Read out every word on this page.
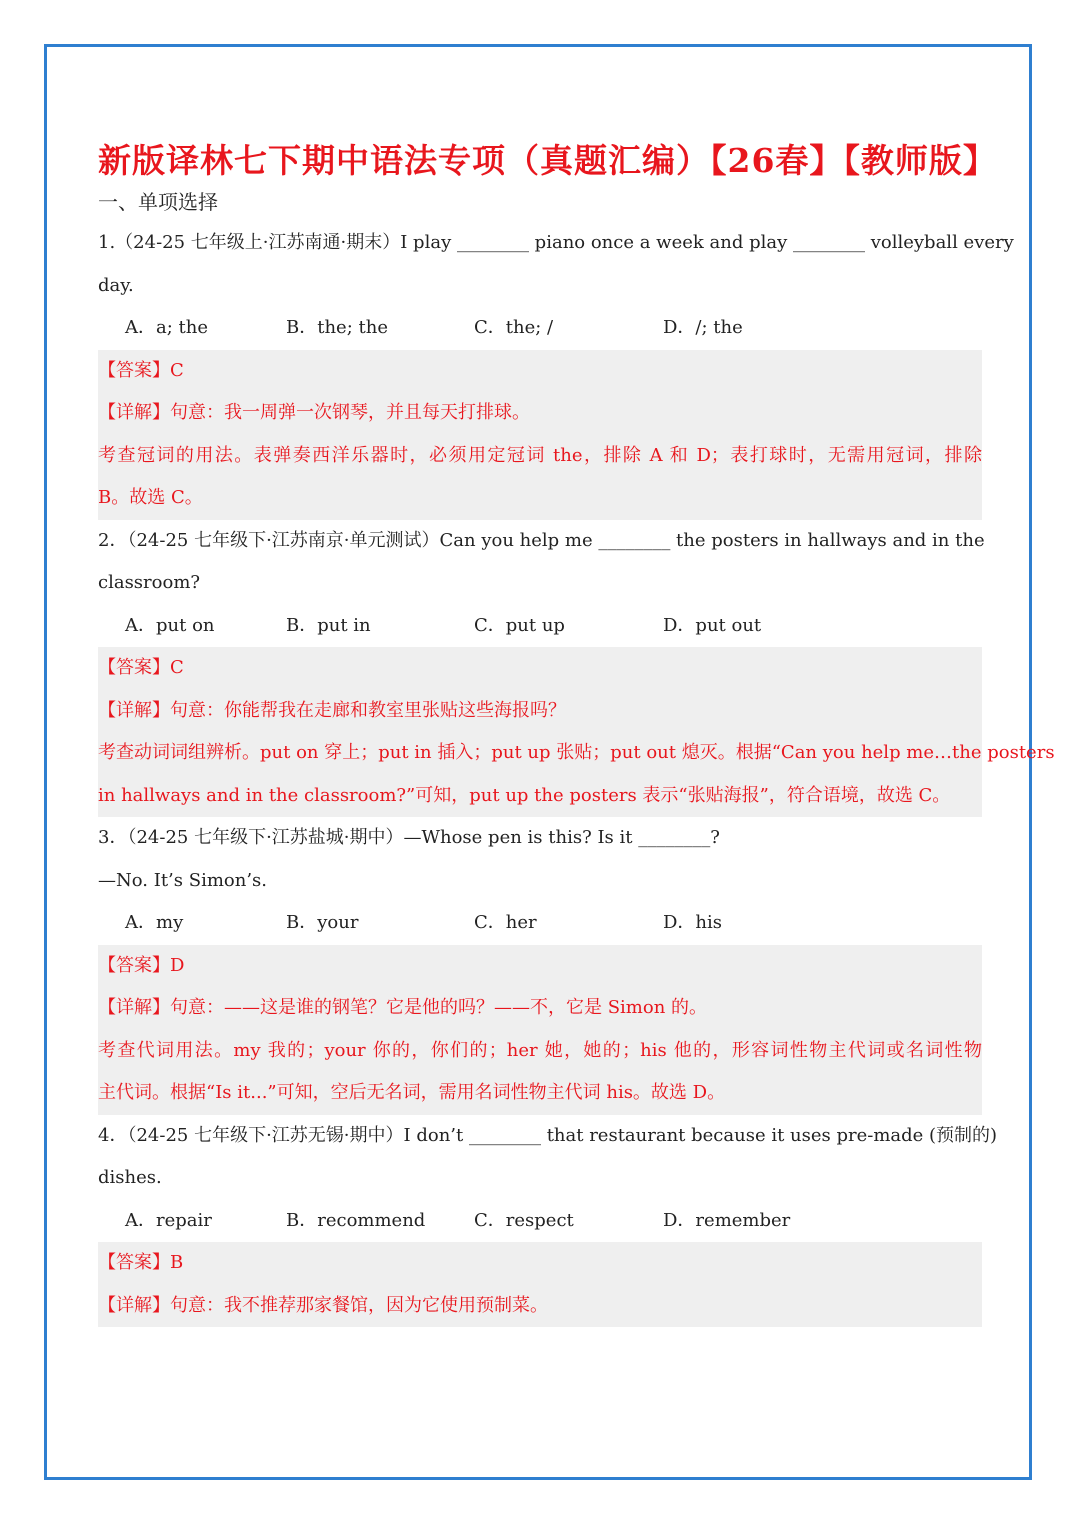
新版译林七下期中语法专项（真题汇编）【26春】【教师版】
一、单项选择
1.（24-25 七年级上·江苏南通·期末）I play ________ piano once a week and play ________ volleyball every
day.
A．a; the	B．the; the	C．the; /	D．/; the
【答案】C
【详解】句意：我一周弹一次钢琴，并且每天打排球。
考查冠词的用法。表弹奏西洋乐器时，必须用定冠词 the，排除 A 和 D；表打球时，无需用冠词，排除
B。故选 C。
2．（24-25 七年级下·江苏南京·单元测试）Can you help me ________ the posters in hallways and in the
classroom?
A．put on	B．put in	C．put up	D．put out
【答案】C
【详解】句意：你能帮我在走廊和教室里张贴这些海报吗？
考查动词词组辨析。put on 穿上；put in 插入；put up 张贴；put out 熄灭。根据“Can you help me…the posters
in hallways and in the classroom?”可知，put up the posters 表示“张贴海报”，符合语境，故选 C。
3．（24-25 七年级下·江苏盐城·期中）—Whose pen is this? Is it ________?
—No. It’s Simon’s.
A．my	B．your	C．her	D．his
【答案】D
【详解】句意：——这是谁的钢笔？它是他的吗？——不，它是 Simon 的。
考查代词用法。my 我的；your 你的，你们的；her 她，她的；his 他的，形容词性物主代词或名词性物
主代词。根据“Is it...”可知，空后无名词，需用名词性物主代词 his。故选 D。
4．（24-25 七年级下·江苏无锡·期中）I don’t ________ that restaurant because it uses pre-made (预制的)
dishes.
A．repair	B．recommend	C．respect	D．remember
【答案】B
【详解】句意：我不推荐那家餐馆，因为它使用预制菜。
